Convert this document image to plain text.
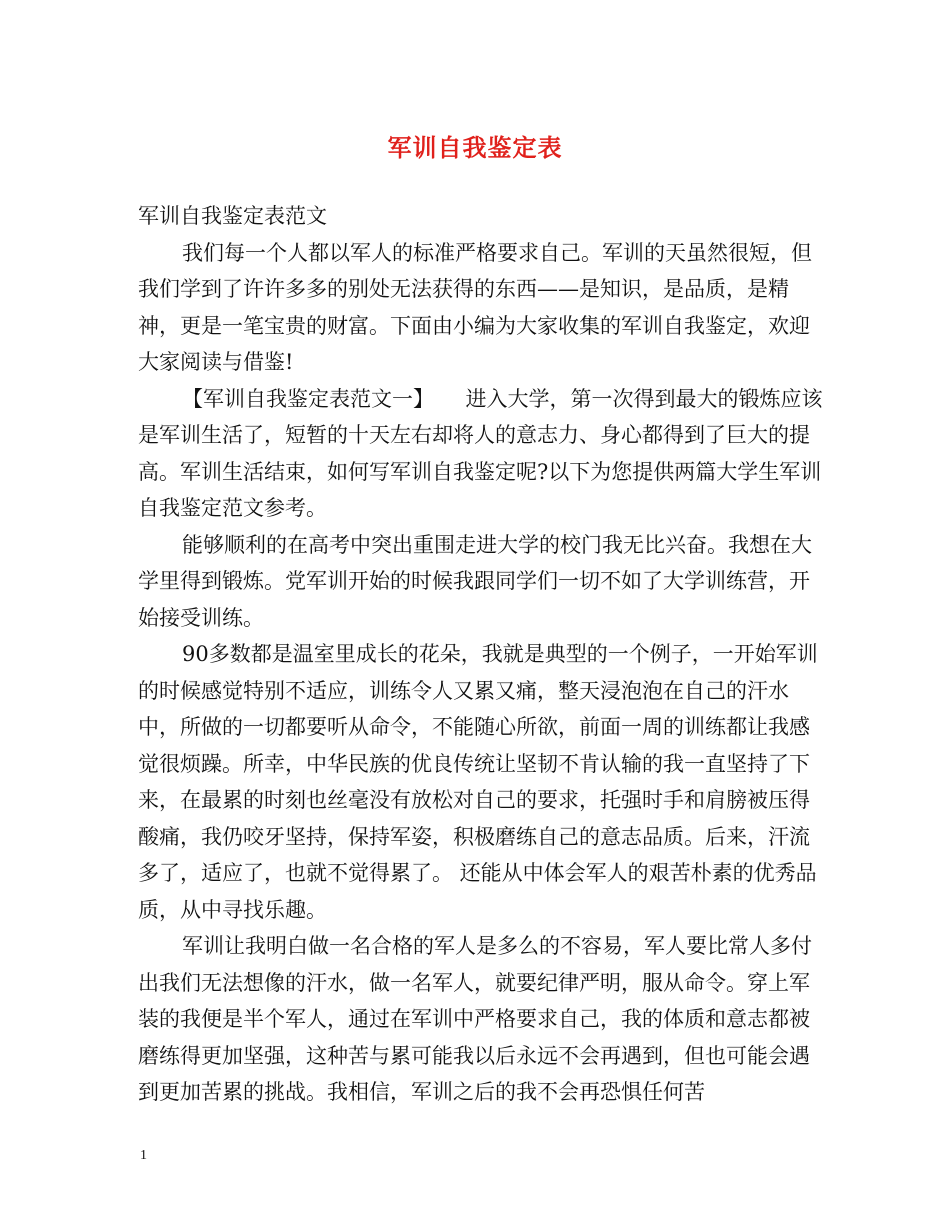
军训自我鉴定表

军训自我鉴定表范文

我们每一个人都以军人的标准严格要求自己。军训的天虽然很短，但我们学到了许许多多的别处无法获得的东西——是知识，是品质，是精神，更是一笔宝贵的财富。下面由小编为大家收集的军训自我鉴定，欢迎大家阅读与借鉴!

【军训自我鉴定表范文一】　　进入大学，第一次得到最大的锻炼应该是军训生活了，短暂的十天左右却将人的意志力、身心都得到了巨大的提高。军训生活结束，如何写军训自我鉴定呢?以下为您提供两篇大学生军训自我鉴定范文参考。

能够顺利的在高考中突出重围走进大学的校门我无比兴奋。我想在大学里得到锻炼。党军训开始的时候我跟同学们一切不如了大学训练营，开始接受训练。

90多数都是温室里成长的花朵，我就是典型的一个例子，一开始军训的时候感觉特别不适应，训练令人又累又痛，整天浸泡泡在自己的汗水中，所做的一切都要听从命令，不能随心所欲，前面一周的训练都让我感觉很烦躁。所幸，中华民族的优良传统让坚韧不肯认输的我一直坚持了下来，在最累的时刻也丝毫没有放松对自己的要求，托强时手和肩膀被压得酸痛，我仍咬牙坚持，保持军姿，积极磨练自己的意志品质。后来，汗流多了，适应了，也就不觉得累了。 还能从中体会军人的艰苦朴素的优秀品质，从中寻找乐趣。

军训让我明白做一名合格的军人是多么的不容易，军人要比常人多付出我们无法想像的汗水，做一名军人，就要纪律严明，服从命令。穿上军装的我便是半个军人，通过在军训中严格要求自己，我的体质和意志都被磨练得更加坚强，这种苦与累可能我以后永远不会再遇到，但也可能会遇到更加苦累的挑战。我相信，军训之后的我不会再恐惧任何苦

1
